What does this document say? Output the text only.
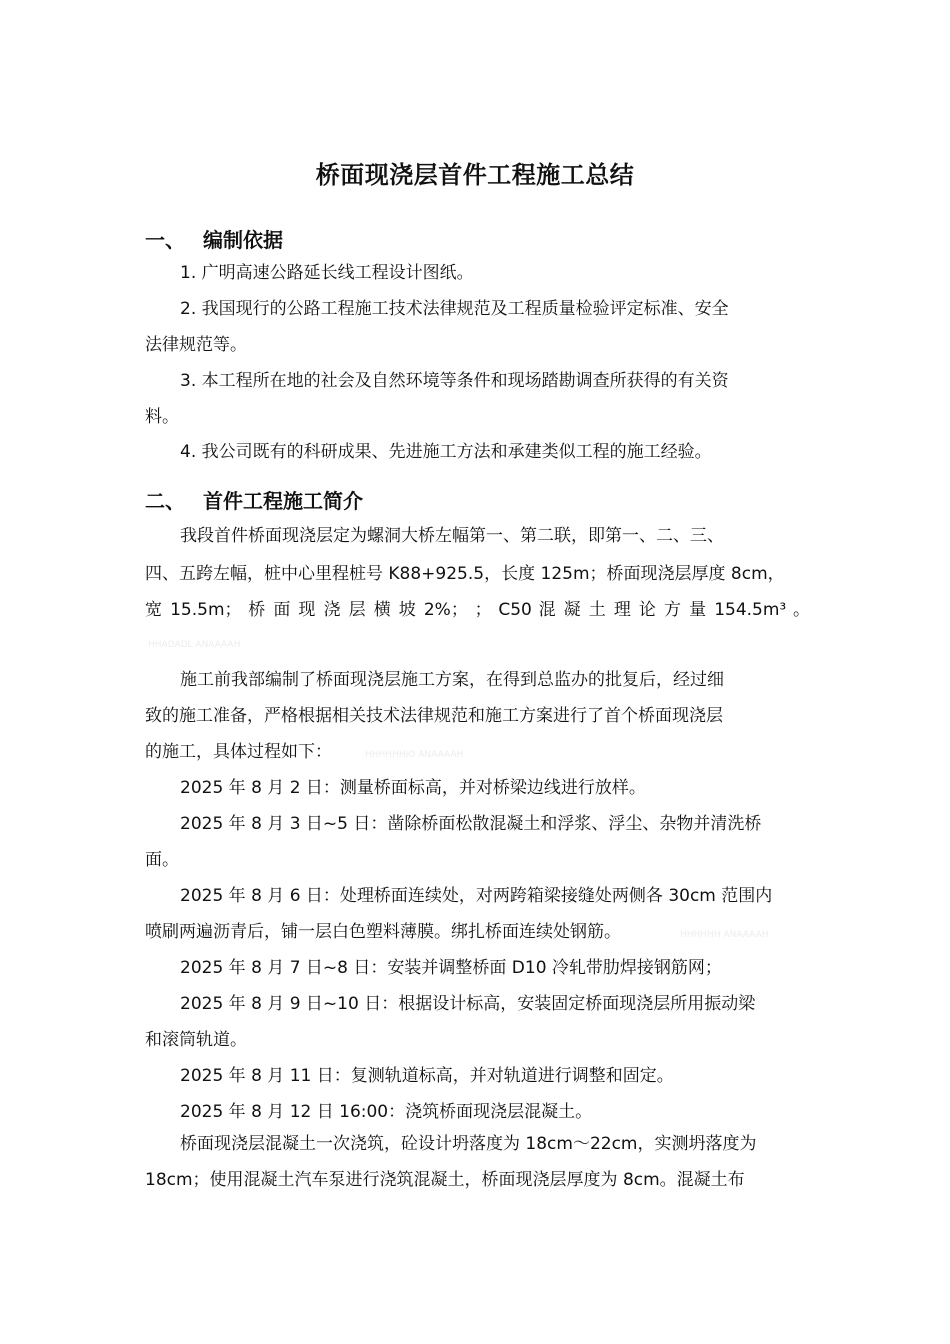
桥面现浇层首件工程施工总结
一、 编制依据
1. 广明高速公路延长线工程设计图纸。
2. 我国现行的公路工程施工技术法律规范及工程质量检验评定标准、安全
法律规范等。
3. 本工程所在地的社会及自然环境等条件和现场踏勘调查所获得的有关资
料。
4. 我公司既有的科研成果、先进施工方法和承建类似工程的施工经验。
二、 首件工程施工简介
我段首件桥面现浇层定为螺洞大桥左幅第一、第二联，即第一、二、三、
四、五跨左幅，桩中心里程桩号 K88+925.5，长度 125m；桥面现浇层厚度 8cm，
宽 15.5m； 桥 面 现 浇 层 横 坡 2%； ； C50 混 凝 土 理 论 方 量 154.5m³ 。
施工前我部编制了桥面现浇层施工方案，在得到总监办的批复后，经过细
致的施工准备，严格根据相关技术法律规范和施工方案进行了首个桥面现浇层
的施工，具体过程如下：
2025 年 8 月 2 日：测量桥面标高，并对桥梁边线进行放样。
2025 年 8 月 3 日~5 日：凿除桥面松散混凝土和浮浆、浮尘、杂物并清洗桥
面。
2025 年 8 月 6 日：处理桥面连续处，对两跨箱梁接缝处两侧各 30cm 范围内
喷刷两遍沥青后，铺一层白色塑料薄膜。绑扎桥面连续处钢筋。
2025 年 8 月 7 日~8 日：安装并调整桥面 D10 冷轧带肋焊接钢筋网；
2025 年 8 月 9 日~10 日：根据设计标高，安装固定桥面现浇层所用振动梁
和滚筒轨道。
2025 年 8 月 11 日：复测轨道标高，并对轨道进行调整和固定。
2025 年 8 月 12 日 16:00：浇筑桥面现浇层混凝土。
桥面现浇层混凝土一次浇筑，砼设计坍落度为 18cm～22cm，实测坍落度为
18cm；使用混凝土汽车泵进行浇筑混凝土，桥面现浇层厚度为 8cm。混凝土布
HHADADL ANAAAAH
HHHHHHIO ANAAAAH
HHHHHH ANAAAAH
